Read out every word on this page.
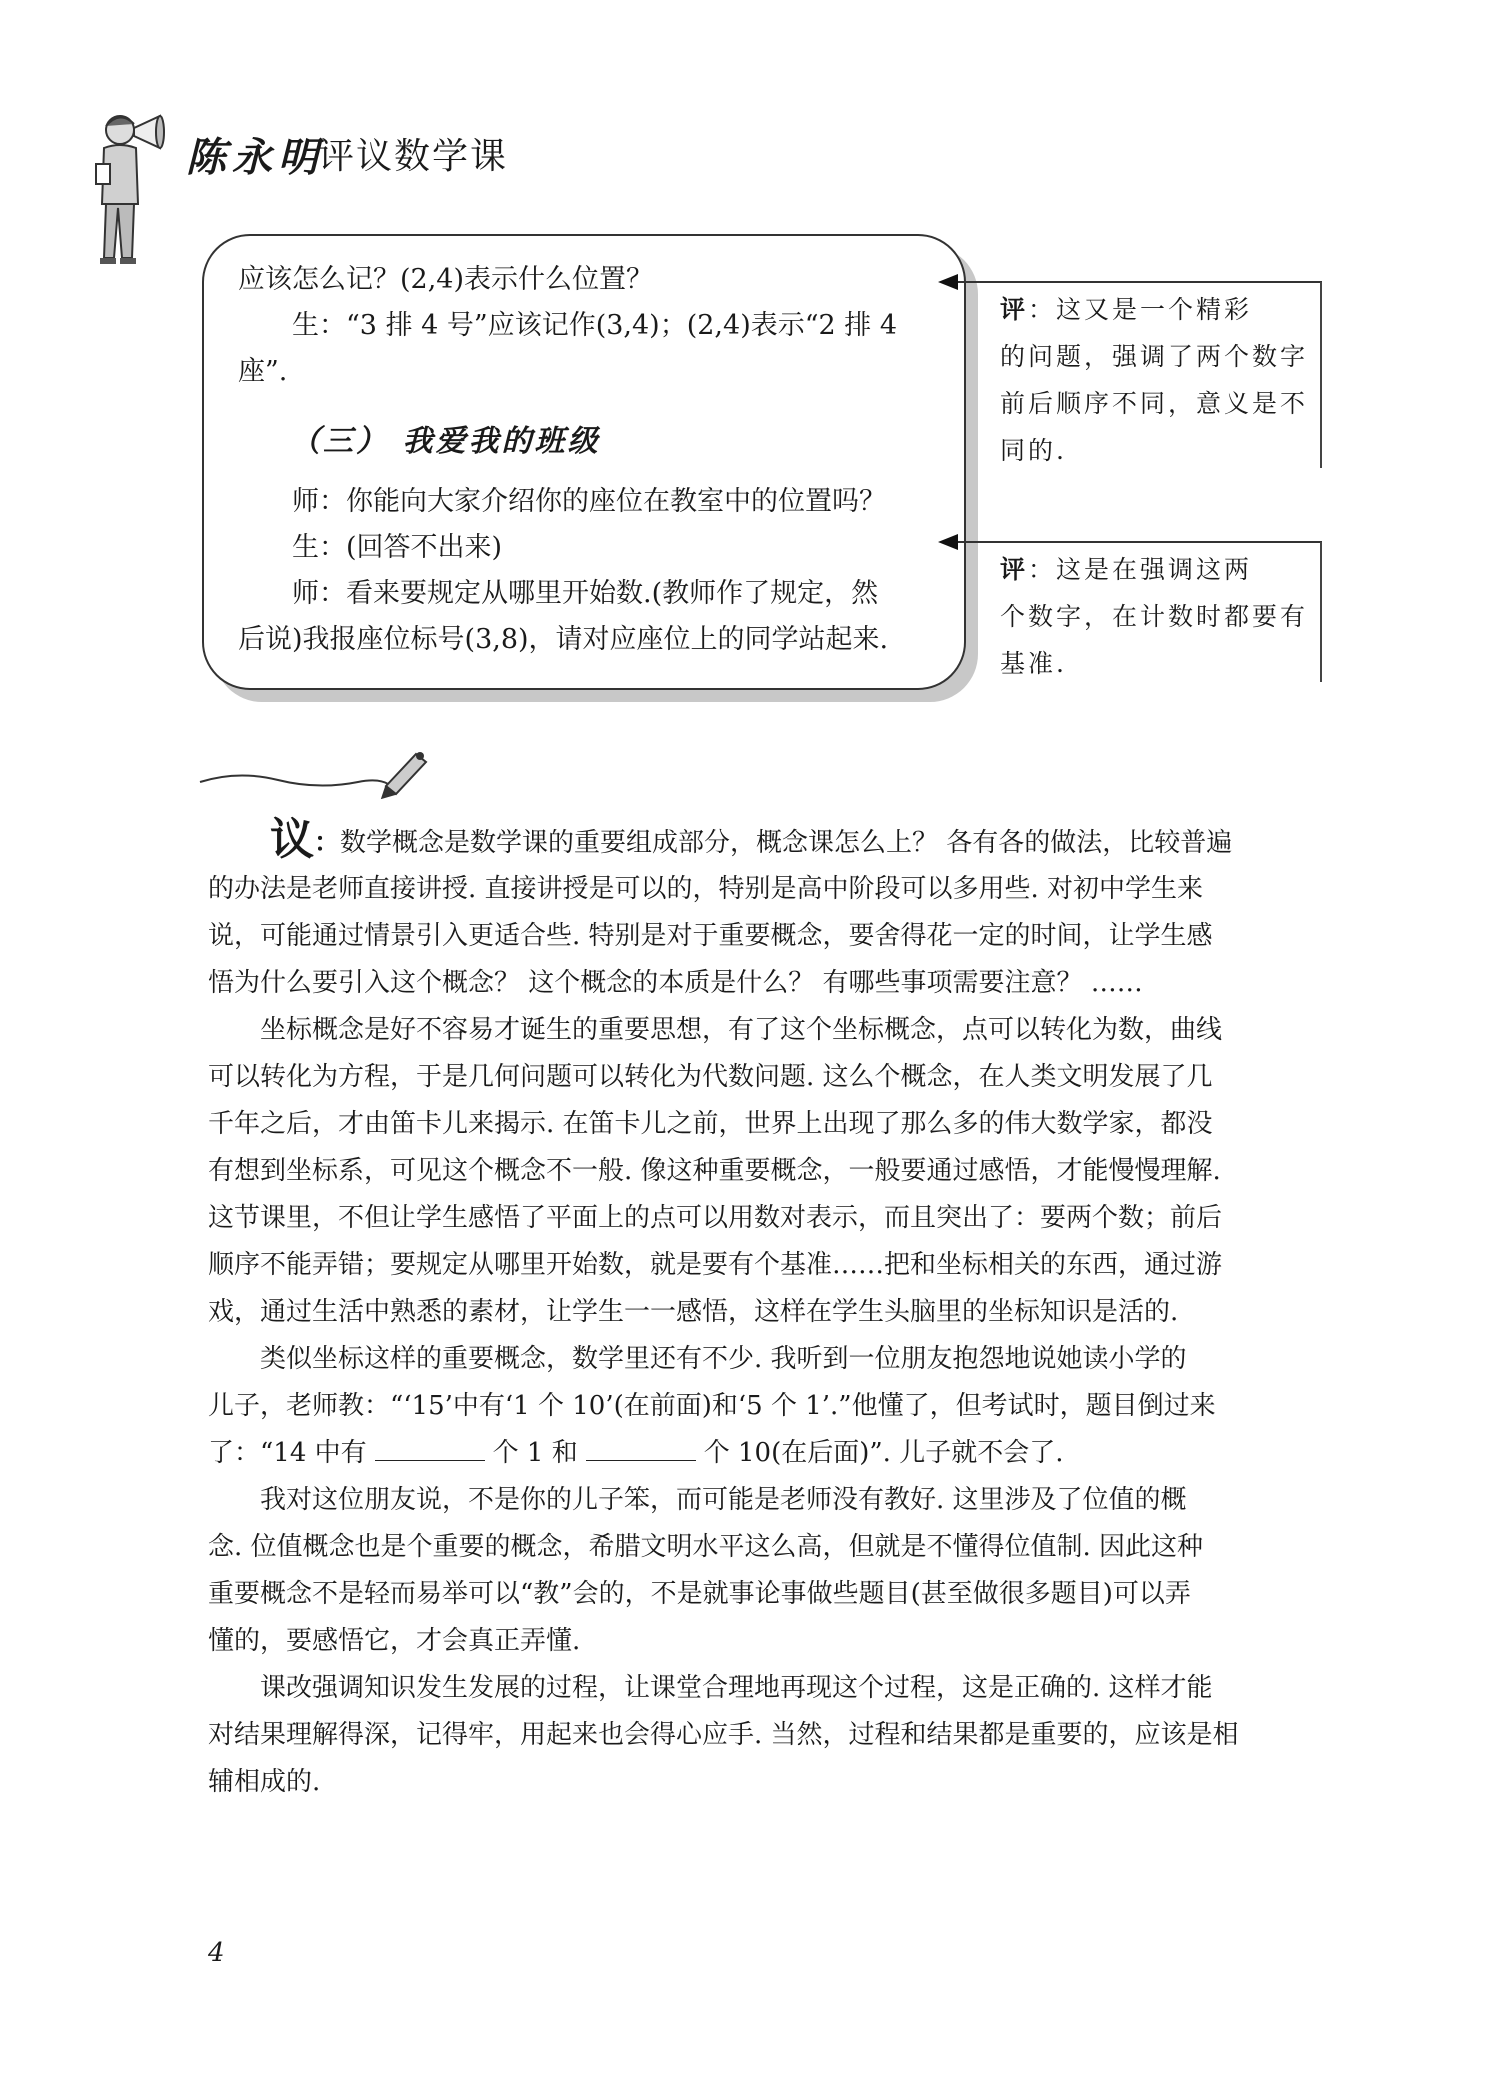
陈永明
评议数学课
应该怎么记？(2,4)表示什么位置？
　　生：“3 排 4 号”应该记作(3,4)；(2,4)表示“2 排 4
座”.
（三） 我爱我的班级
　　师：你能向大家介绍你的座位在教室中的位置吗？
　　生：(回答不出来)
　　师：看来要规定从哪里开始数.(教师作了规定，然
后说)我报座位标号(3,8)，请对应座位上的同学站起来.
评：这又是一个精彩
的问题，强调了两个数字
前后顺序不同，意义是不
同的.
评：这是在强调这两
个数字，在计数时都要有
基准.
议：数学概念是数学课的重要组成部分，概念课怎么上？ 各有各的做法，比较普遍
的办法是老师直接讲授. 直接讲授是可以的，特别是高中阶段可以多用些. 对初中学生来
说，可能通过情景引入更适合些. 特别是对于重要概念，要舍得花一定的时间，让学生感
悟为什么要引入这个概念？ 这个概念的本质是什么？ 有哪些事项需要注意？ ……
　　坐标概念是好不容易才诞生的重要思想，有了这个坐标概念，点可以转化为数，曲线
可以转化为方程，于是几何问题可以转化为代数问题. 这么个概念，在人类文明发展了几
千年之后，才由笛卡儿来揭示. 在笛卡儿之前，世界上出现了那么多的伟大数学家，都没
有想到坐标系，可见这个概念不一般. 像这种重要概念，一般要通过感悟，才能慢慢理解.
这节课里，不但让学生感悟了平面上的点可以用数对表示，而且突出了：要两个数；前后
顺序不能弄错；要规定从哪里开始数，就是要有个基准……把和坐标相关的东西，通过游
戏，通过生活中熟悉的素材，让学生一一感悟，这样在学生头脑里的坐标知识是活的.
　　类似坐标这样的重要概念，数学里还有不少. 我听到一位朋友抱怨地说她读小学的
儿子，老师教：“‘15’中有‘1 个 10’(在前面)和‘5 个 1’.”他懂了，但考试时，题目倒过来
了：“14 中有	个 1 和	个 10(在后面)”. 儿子就不会了.
　　我对这位朋友说，不是你的儿子笨，而可能是老师没有教好. 这里涉及了位值的概
念. 位值概念也是个重要的概念，希腊文明水平这么高，但就是不懂得位值制. 因此这种
重要概念不是轻而易举可以“教”会的，不是就事论事做些题目(甚至做很多题目)可以弄
懂的，要感悟它，才会真正弄懂.
　　课改强调知识发生发展的过程，让课堂合理地再现这个过程，这是正确的. 这样才能
对结果理解得深，记得牢，用起来也会得心应手. 当然，过程和结果都是重要的，应该是相
辅相成的.
4
